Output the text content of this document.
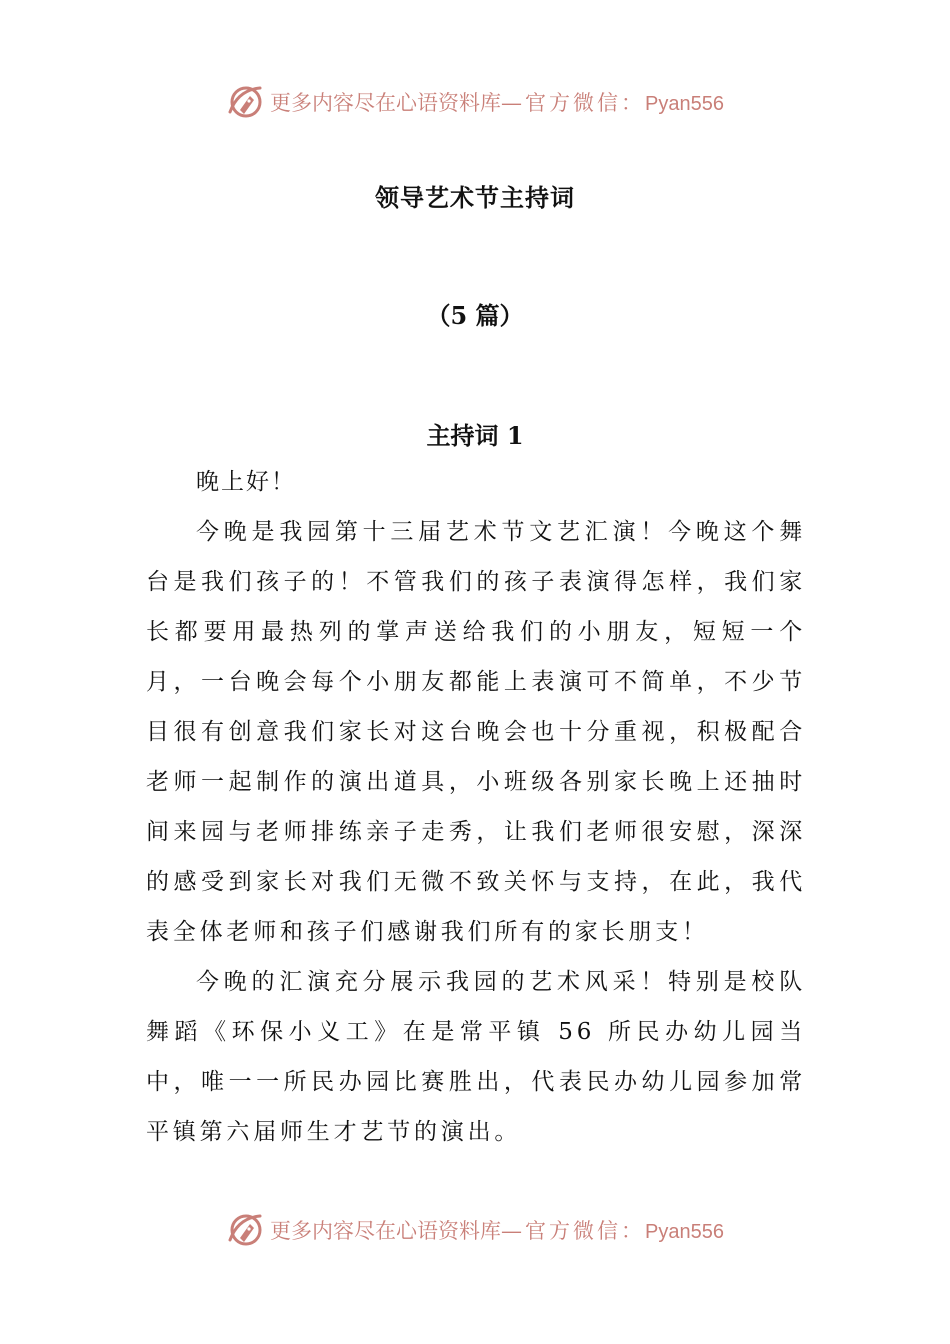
更多内容尽在心语资料库 —官方微信： Pyan556
领导艺术节主持词
（5 篇）
主持词 1

晚上好！

今晚是我园第十三届艺术节文艺汇演！今晚这个舞台是我们孩子的！不管我们的孩子表演得怎样，我们家长都要用最热列的掌声送给我们的小朋友，短短一个月，一台晚会每个小朋友都能上表演可不简单，不少节目很有创意我们家长对这台晚会也十分重视，积极配合老师一起制作的演出道具，小班级各别家长晚上还抽时间来园与老师排练亲子走秀，让我们老师很安慰，深深的感受到家长对我们无微不致关怀与支持，在此，我代表全体老师和孩子们感谢我们所有的家长朋支！

今晚的汇演充分展示我园的艺术风采！特别是校队舞蹈《环保小义工》在是常平镇 56 所民办幼儿园当中，唯一一所民办园比赛胜出，代表民办幼儿园参加常平镇第六届师生才艺节的演出。

更多内容尽在心语资料库 —官方微信： Pyan556
